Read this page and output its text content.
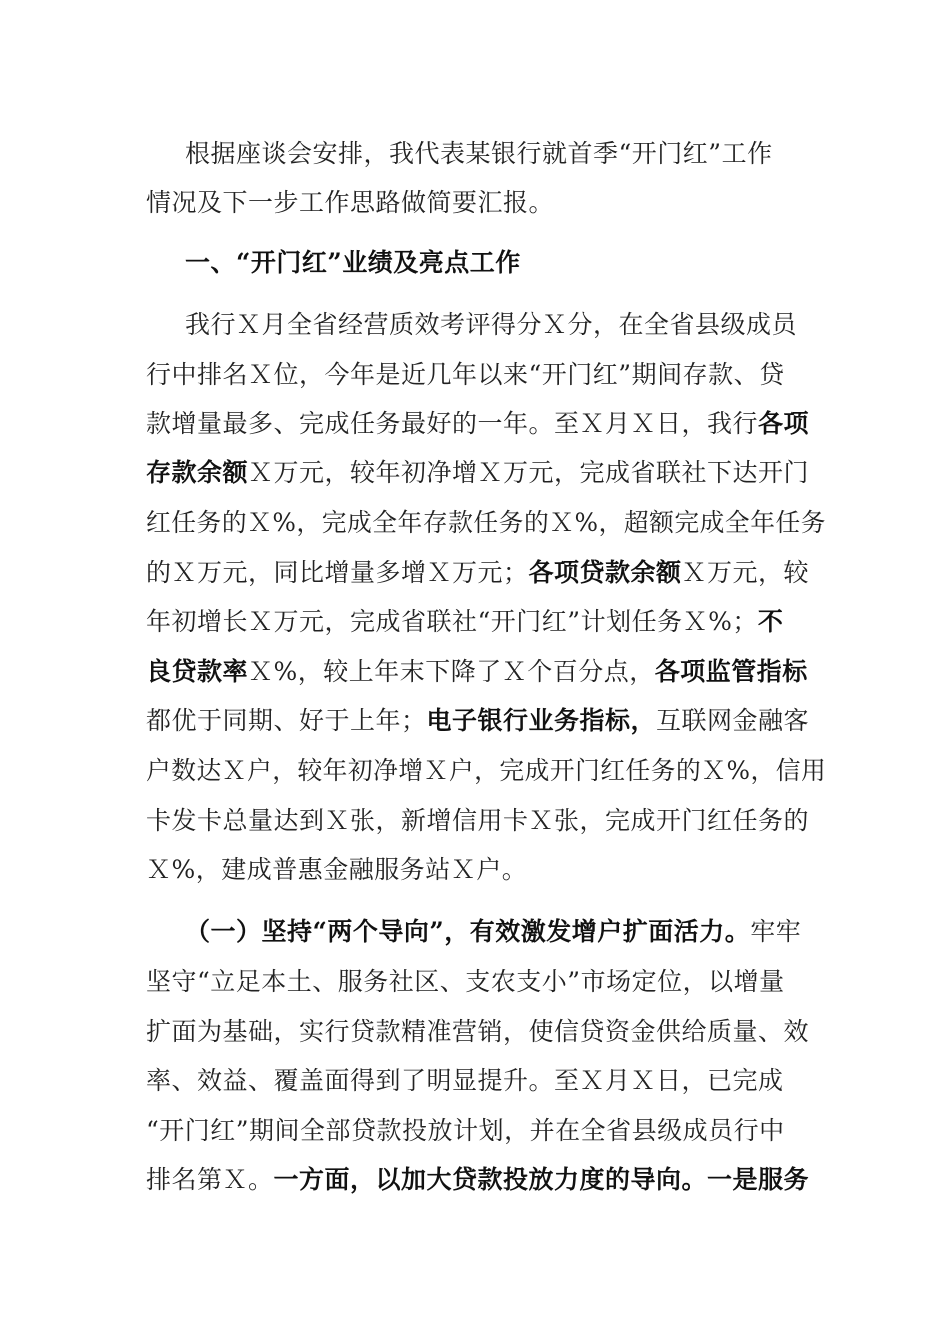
根据座谈会安排，我代表某银行就首季“开门红”工作
情况及下一步工作思路做简要汇报。
一、“开门红”业绩及亮点工作
我行Ｘ月全省经营质效考评得分Ｘ分，在全省县级成员
行中排名Ｘ位，今年是近几年以来“开门红”期间存款、贷
款增量最多、完成任务最好的一年。至Ｘ月Ｘ日，我行各项
存款余额Ｘ万元，较年初净增Ｘ万元，完成省联社下达开门
红任务的Ｘ%，完成全年存款任务的Ｘ%，超额完成全年任务
的Ｘ万元，同比增量多增Ｘ万元；各项贷款余额Ｘ万元，较
年初增长Ｘ万元，完成省联社“开门红”计划任务Ｘ%；不
良贷款率Ｘ%，较上年末下降了Ｘ个百分点，各项监管指标
都优于同期、好于上年；电子银行业务指标，互联网金融客
户数达Ｘ户，较年初净增Ｘ户，完成开门红任务的Ｘ%，信用
卡发卡总量达到Ｘ张，新增信用卡Ｘ张，完成开门红任务的
Ｘ%，建成普惠金融服务站Ｘ户。
（一）坚持“两个导向”，有效激发增户扩面活力。牢牢
坚守“立足本土、服务社区、支农支小”市场定位，以增量
扩面为基础，实行贷款精准营销，使信贷资金供给质量、效
率、效益、覆盖面得到了明显提升。至Ｘ月Ｘ日，已完成
“开门红”期间全部贷款投放计划，并在全省县级成员行中
排名第Ｘ。一方面，以加大贷款投放力度的导向。一是服务
